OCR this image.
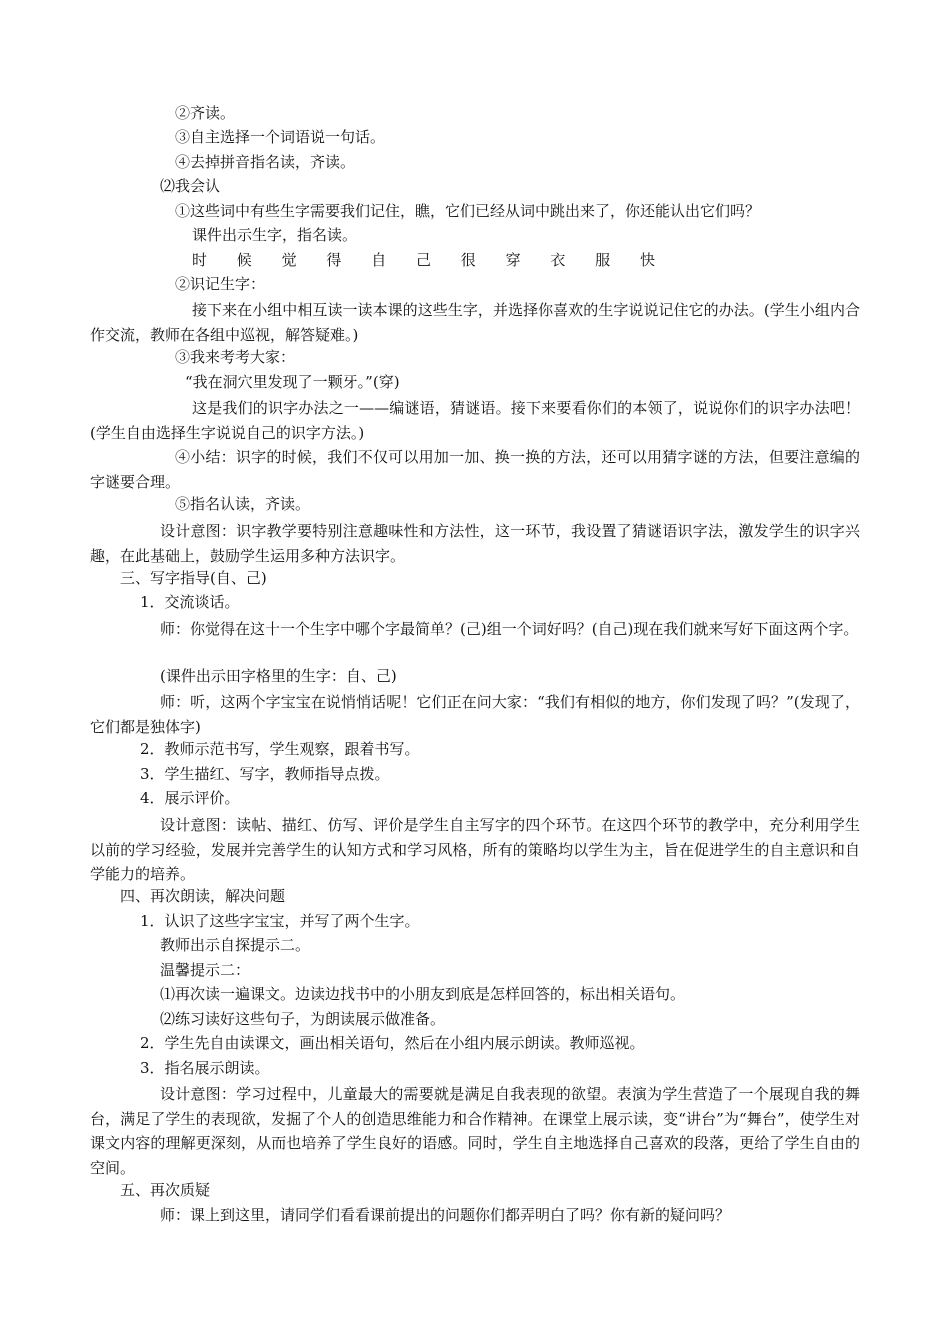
②齐读。
③自主选择一个词语说一句话。
④去掉拼音指名读，齐读。
⑵我会认
①这些词中有些生字需要我们记住，瞧，它们已经从词中跳出来了，你还能认出它们吗？
课件出示生字，指名读。
时 候 觉 得 自 己 很 穿 衣 服 快
②识记生字：
接下来在小组中相互读一读本课的这些生字，并选择你喜欢的生字说说记住它的办法。(学生小组内合作交流，教师在各组中巡视，解答疑难。)
③我来考考大家：
“我在洞穴里发现了一颗牙。”(穿)
这是我们的识字办法之一——编谜语，猜谜语。接下来要看你们的本领了，说说你们的识字办法吧！(学生自由选择生字说说自己的识字方法。)
④小结：识字的时候，我们不仅可以用加一加、换一换的方法，还可以用猜字谜的方法，但要注意编的字谜要合理。
⑤指名认读，齐读。
设计意图：识字教学要特别注意趣味性和方法性，这一环节，我设置了猜谜语识字法，激发学生的识字兴趣，在此基础上，鼓励学生运用多种方法识字。
三、写字指导(自、己)
1．交流谈话。
师：你觉得在这十一个生字中哪个字最简单？(己)组一个词好吗？(自己)现在我们就来写好下面这两个字。
(课件出示田字格里的生字：自、己)
师：听，这两个字宝宝在说悄悄话呢！它们正在问大家：“我们有相似的地方，你们发现了吗？”(发现了，它们都是独体字)
2．教师示范书写，学生观察，跟着书写。
3．学生描红、写字，教师指导点拨。
4．展示评价。
设计意图：读帖、描红、仿写、评价是学生自主写字的四个环节。在这四个环节的教学中，充分利用学生以前的学习经验，发展并完善学生的认知方式和学习风格，所有的策略均以学生为主，旨在促进学生的自主意识和自学能力的培养。
四、再次朗读，解决问题
1．认识了这些字宝宝，并写了两个生字。
教师出示自探提示二。
温馨提示二：
⑴再次读一遍课文。边读边找书中的小朋友到底是怎样回答的，标出相关语句。
⑵练习读好这些句子，为朗读展示做准备。
2．学生先自由读课文，画出相关语句，然后在小组内展示朗读。教师巡视。
3．指名展示朗读。
设计意图：学习过程中，儿童最大的需要就是满足自我表现的欲望。表演为学生营造了一个展现自我的舞台，满足了学生的表现欲，发掘了个人的创造思维能力和合作精神。在课堂上展示读，变“讲台”为“舞台”，使学生对课文内容的理解更深刻，从而也培养了学生良好的语感。同时，学生自主地选择自己喜欢的段落，更给了学生自由的空间。
五、再次质疑
师：课上到这里，请同学们看看课前提出的问题你们都弄明白了吗？你有新的疑问吗？
